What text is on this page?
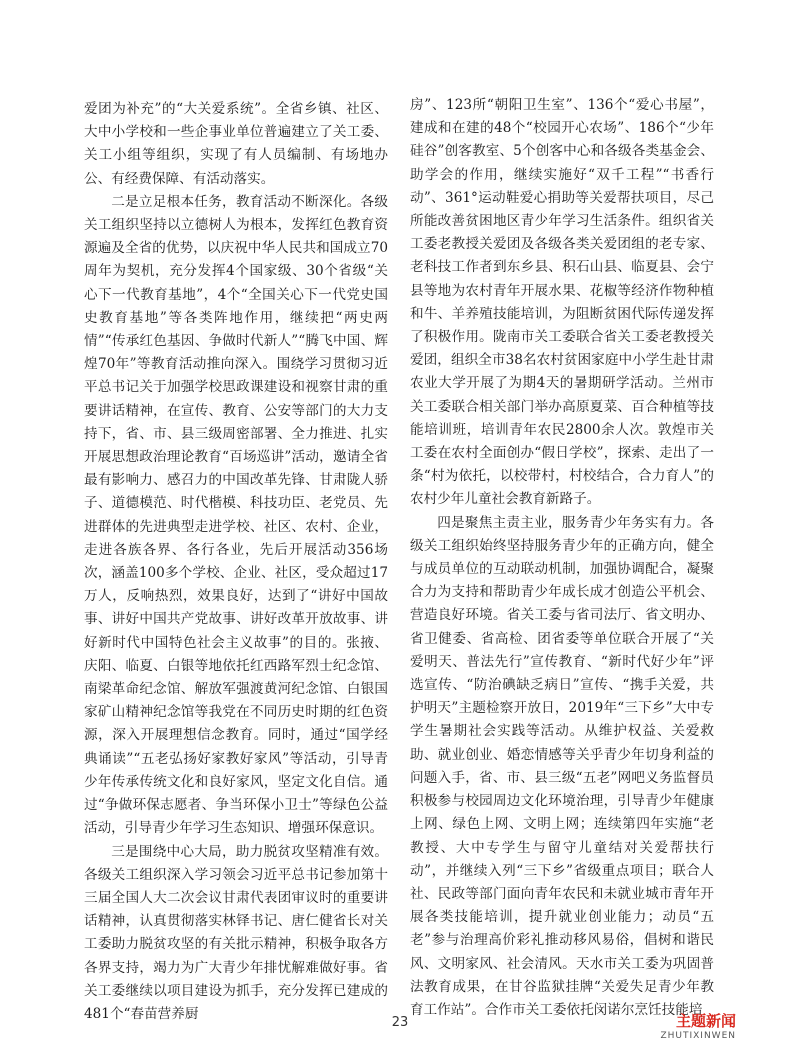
爱团为补充”的“大关爱系统”。全省乡镇、社区、大中小学校和一些企事业单位普遍建立了关工委、关工小组等组织，实现了有人员编制、有场地办公、有经费保障、有活动落实。

二是立足根本任务，教育活动不断深化。各级关工组织坚持以立德树人为根本，发挥红色教育资源遍及全省的优势，以庆祝中华人民共和国成立70周年为契机，充分发挥4个国家级、30个省级“关心下一代教育基地”，4个“全国关心下一代党史国史教育基地”等各类阵地作用，继续把“两史两情”“传承红色基因、争做时代新人”“腾飞中国、辉煌70年”等教育活动推向深入。围绕学习贯彻习近平总书记关于加强学校思政课建设和视察甘肃的重要讲话精神，在宣传、教育、公安等部门的大力支持下，省、市、县三级周密部署、全力推进、扎实开展思想政治理论教育“百场巡讲”活动，邀请全省最有影响力、感召力的中国改革先锋、甘肃陇人骄子、道德模范、时代楷模、科技功臣、老党员、先进群体的先进典型走进学校、社区、农村、企业，走进各族各界、各行各业，先后开展活动356场次，涵盖100多个学校、企业、社区，受众超过17万人，反响热烈，效果良好，达到了“讲好中国故事、讲好中国共产党故事、讲好改革开放故事、讲好新时代中国特色社会主义故事”的目的。张掖、庆阳、临夏、白银等地依托红西路军烈士纪念馆、南梁革命纪念馆、解放军强渡黄河纪念馆、白银国家矿山精神纪念馆等我党在不同历史时期的红色资源，深入开展理想信念教育。同时，通过“国学经典诵读”“五老弘扬好家教好家风”等活动，引导青少年传承传统文化和良好家风，坚定文化自信。通过“争做环保志愿者、争当环保小卫士”等绿色公益活动，引导青少年学习生态知识、增强环保意识。

三是围绕中心大局，助力脱贫攻坚精准有效。各级关工组织深入学习领会习近平总书记参加第十三届全国人大二次会议甘肃代表团审议时的重要讲话精神，认真贯彻落实林铎书记、唐仁健省长对关工委助力脱贫攻坚的有关批示精神，积极争取各方各界支持，竭力为广大青少年排忧解难做好事。省关工委继续以项目建设为抓手，充分发挥已建成的481个“春苗营养厨

房”、123所“朝阳卫生室”、136个“爱心书屋”，建成和在建的48个“校园开心农场”、186个“少年硅谷”创客教室、5个创客中心和各级各类基金会、助学会的作用，继续实施好“双千工程”“书香行动”、361°运动鞋爱心捐助等关爱帮扶项目，尽己所能改善贫困地区青少年学习生活条件。组织省关工委老教授关爱团及各级各类关爱团组的老专家、老科技工作者到东乡县、积石山县、临夏县、会宁县等地为农村青年开展水果、花椒等经济作物种植和牛、羊养殖技能培训，为阻断贫困代际传递发挥了积极作用。陇南市关工委联合省关工委老教授关爱团，组织全市38名农村贫困家庭中小学生赴甘肃农业大学开展了为期4天的暑期研学活动。兰州市关工委联合相关部门举办高原夏菜、百合种植等技能培训班，培训青年农民2800余人次。敦煌市关工委在农村全面创办“假日学校”，探索、走出了一条“村为依托，以校带村，村校结合，合力育人”的农村少年儿童社会教育新路子。

四是聚焦主责主业，服务青少年务实有力。各级关工组织始终坚持服务青少年的正确方向，健全与成员单位的互动联动机制，加强协调配合，凝聚合力为支持和帮助青少年成长成才创造公平机会、营造良好环境。省关工委与省司法厅、省文明办、省卫健委、省高检、团省委等单位联合开展了“关爱明天、普法先行”宣传教育、“新时代好少年”评选宣传、“防治碘缺乏病日”宣传、“携手关爱，共护明天”主题检察开放日，2019年“三下乡”大中专学生暑期社会实践等活动。从维护权益、关爱救助、就业创业、婚恋情感等关乎青少年切身利益的问题入手，省、市、县三级“五老”网吧义务监督员积极参与校园周边文化环境治理，引导青少年健康上网、绿色上网、文明上网；连续第四年实施“老教授、大中专学生与留守儿童结对关爱帮扶行动”，并继续入列“三下乡”省级重点项目；联合人社、民政等部门面向青年农民和未就业城市青年开展各类技能培训，提升就业创业能力；动员“五老”参与治理高价彩礼推动移风易俗，倡树和谐民风、文明家风、社会清风。天水市关工委为巩固普法教育成果，在甘谷监狱挂牌“关爱失足青少年教育工作站”。合作市关工委依托闵诺尔烹饪技能培

23	主题新闻
ZHUTIXINWEN
